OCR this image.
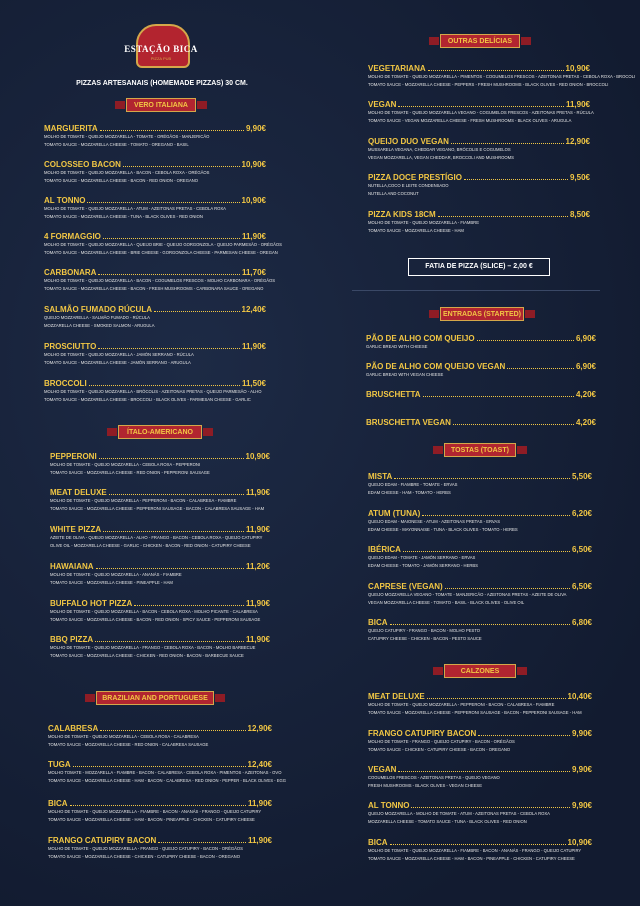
ESTAÇÃO BICA
PIZZA PUB
PIZZAS ARTESANAIS (HOMEMADE PIZZAS) 30 CM.
VERO ITALIANA
ÍTALO-AMERICANO
BRAZILIAN AND PORTUGUESE
OUTRAS DELÍCIAS
ENTRADAS (STARTED)
TOSTAS (TOAST)
CALZONES
FATIA DE PIZZA (SLICE) – 2,00 €
MARGUERITA	9,90€
MOLHO DE TOMATE - QUEIJO MOZZARELLA - TOMATE - ORÉGÃOS - MANJERICÃO
TOMATO SAUCE - MOZZARELLA CHEESE - TOMATO - OREGANO - BASIL
COLOSSEO BACON	10,90€
MOLHO DE TOMATE - QUEIJO MOZZARELLA - BACON - CEBOLA ROXA - ORÉGÃOS
TOMATO SAUCE - MOZZARELLA CHEESE - BACON - RED ONION - OREGANO
AL TONNO	10,90€
MOLHO DE TOMATE - QUEIJO MOZZARELLA - ATUM - AZEITONAS PRETAS - CEBOLA ROXA
TOMATO SAUCE - MOZZARELLA CHEESE - TUNA - BLACK OLIVES - RED ONION
4 FORMAGGIO	11,90€
MOLHO DE TOMATE - QUEIJO MOZZARELLA - QUEIJO BRIE - QUEIJO GORGONZOLA - QUEIJO PARMESÃO - ORÉGÃOS
TOMATO SAUCE - MOZZARELLA CHEESE - BRIE CHEESE - GORGONZOLA CHEESE - PARMESAN CHEESE - OREGAN
CARBONARA	11,70€
MOLHO DE TOMATE - QUEIJO MOZZARELLA - BACON - COGUMELOS FRESCOS - MOLHO CARBONARA - ORÉGÃOS
TOMATO SAUCE - MOZZARELLA CHEESE - BACON - FRESH MUSHROOMS - CARBONARA SAUCE - OREGANO
SALMÃO FUMADO RÚCULA	12,40€
QUEIJO MOZZARELLA - SALMÃO FUMADO - RÚCULA
MOZZARELLA CHEESE - SMOKED SALMON - ARUGULA
PROSCIUTTO	11,90€
MOLHO DE TOMATE - QUEIJO MOZZARELLA - JAMÓN SERRANO - RÚCULA
TOMATO SAUCE - MOZZARELLA CHEESE - JAMÓN SERRANO - ARUGULA
BROCCOLI	11,50€
MOLHO DE TOMATE - QUEIJO MOZZARELLA - BRÓCOLIS - AZEITONAS PRETAS - QUEIJO PARMESÃO - ALHO
TOMATO SAUCE - MOZZARELLA CHEESE - BROCCOLI - BLACK OLIVES - PARMESAN CHEESE - GARLIC
PEPPERONI	10,90€
MOLHO DE TOMATE - QUEIJO MOZZARELLA - CEBOLA ROXA - PEPPERONI
TOMATO SAUCE - MOZZARELLA CHEESE - RED ONION - PEPPERONI SAUSAGE
MEAT DELUXE	11,90€
MOLHO DE TOMATE - QUEIJO MOZZARELLA - PEPPERONI - BACON - CALABRESA - FIAMBRE
TOMATO SAUCE - MOZZARELLA CHEESE - PEPPERONI SAUSAGE - BACON - CALABRESA SAUSAGE - HAM
WHITE PIZZA	11,90€
AZEITE DE OLIVA - QUEIJO MOZZARELLA - ALHO - FRANGO - BACON - CEBOLA ROXA - QUEIJO CATUPIRY
OLIVE OIL - MOZZARELLA CHEESE - GARLIC - CHICKEN - BACON - RED ONION - CATUPIRY CHEESE
HAWAIANA	11,20€
MOLHO DE TOMATE - QUEIJO MOZZARELLA - ANANÁS - FIAMBRE
TOMATO SAUCE - MOZZARELLA CHEESE - PINEAPPLE - HAM
BUFFALO HOT PIZZA	11,90€
MOLHO DE TOMATE - QUEIJO MOZZARELLA - BACON - CEBOLA ROXA - MOLHO PICANTE - CALABRESA
TOMATO SAUCE - MOZZARELLA CHEESE - BACON - RED ONION - SPICY SAUCE - PEPPERONI SAUSAGE
BBQ PIZZA	11,90€
MOLHO DE TOMATE - QUEIJO MOZZARELLA - FRANGO - CEBOLA ROXA - BACON - MOLHO BARBECUE
TOMATO SAUCE - MOZZARELLA CHEESE - CHICKEN - RED ONION - BACON - BARBECUE SAUCE
CALABRESA	12,90€
MOLHO DE TOMATE - QUEIJO MOZZARELLA - CEBOLA ROXA - CALABRESA
TOMATO SAUCE - MOZZARELLA CHEESE - RED ONION - CALABRESA SAUSAGE
TUGA	12,40€
MOLHO TOMATE - MOZZARELLA - FIAMBRE - BACON - CALABRESA - CEBOLA ROXA - PIMENTOS - AZEITONAS - OVO
TOMATO SAUCE - MOZZARELLA CHEESE - HAM - BACON - CALABRESA - RED ONION - PEPPER - BLACK OLIVES - EGG
BICA	11,90€
MOLHO DE TOMATE - QUEIJO MOZZARELLA - FIAMBRE - BACON - ANANÁS - FRANGO - QUEIJO CATUPIRY
TOMATO SAUCE - MOZZARELLA CHEESE - HAM - BACON - PINEAPPLE - CHICKEN - CATUPIRY CHEESE
FRANGO CATUPIRY BACON	11,90€
MOLHO DE TOMATE - QUEIJO MOZZARELLA - FRANGO - QUEIJO CATUPIRY - BACON - ORÉGÃOS
TOMATO SAUCE - MOZZARELLA CHEESE - CHICKEN - CATUPIRY CHEESE - BACON - OREGANO
VEGETARIANA	10,90€
MOLHO DE TOMATE - QUEIJO MOZZARELLA - PIMENTOS - COGUMELOS FRESCOS - AZEITONAS PRETAS - CEBOLA ROXA - BROCOLI
TOMATO SAUCE - MOZZARELLA CHEESE - PEPPERS - FRESH MUSHROOMS - BLACK OLIVES - RED ONION - BROCCOLI
VEGAN	11,90€
MOLHO DE TOMATE - QUEIJO MOZZARELLA VEGANO - COGUMELOS FRESCOS - AZEITONAS PRETAS - RÚCULA
TOMATO SAUCE - VEGAN MOZZARELLA CHEESE - FRESH MUSHROOMS - BLACK OLIVES - ARUGULA
QUEIJO DUO VEGAN	12,90€
MUSSARELA VEGANA, CHEDDAR VEGANO, BRÓCOLIS E COGUMELOS
VEGAN MOZZARELLA, VEGAN CHEDDAR, BROCCOLI AND MUSHROOMS
PIZZA DOCE PRESTÍGIO	9,50€
NUTELLA,COCO E LEITE CONDENSADO
NUTELLA AND COCONUT
PIZZA KIDS 18CM	8,50€
MOLHO DE TOMATE - QUEIJO MOZZARELLA - FIAMBRE
TOMATO SAUCE - MOZZARELLA CHEESE - HAM
PÃO DE ALHO COM QUEIJO	6,90€
GARLIC BREAD WITH CHEESE
PÃO DE ALHO COM QUEIJO VEGAN	6,90€
GARLIC BREAD WITH VEGAN CHEESE
BRUSCHETTA	4,20€
BRUSCHETTA VEGAN	4,20€
MISTA	5,50€
QUEIJO EDAM - FIAMBRE - TOMATE - ERVAS
EDAM CHEESE - HAM - TOMATO - HERBS
ATUM (TUNA)	6,20€
QUEIJO EDAM - MAIONESE - ATUM - AZEITONAS PRETAS - ERVAS
EDAM CHEESE - MAYONNAISE - TUNA - BLACK OLIVES - TOMATO - HERBS
IBÉRICA	6,50€
QUEIJO EDAM - TOMATE - JAMÓN SERRANO - ERVAS
EDAM CHEESE - TOMATO - JAMÓN SERRANO - HERBS
CAPRESE (VEGAN)	6,50€
QUEIJO MOZZARELLA VEGANO - TOMATE - MANJERICÃO - AZEITONAS PRETAS - AZEITE DE OLIVA
VEGAN MOZZARELLA CHEESE - TOMATO - BASIL - BLACK OLIVES - OLIVE OIL
BICA	6,80€
QUEIJO CATUPIRY - FRANGO - BACON - MOLHO PESTO
CATUPIRY CHEESE - CHICKEN - BACON - PESTO SAUCE
MEAT DELUXE	10,40€
MOLHO DE TOMATE - QUEIJO MOZZARELLA - PEPPERONI - BACON - CALABRESA - FIAMBRE
TOMATO SAUCE - MOZZARELLA CHEESE - PEPPERONI SAUSAGE - BACON - PEPPERONI SAUSAGE - HAM
FRANGO CATUPIRY BACON	9,90€
MOLHO DE TOMATE - FRANGO - QUEIJO CATUPIRY - BACON - ORÉGÃOS
TOMATO SAUCE - CHICKEN - CATUPIRY CHEESE - BACON - OREGANO
VEGAN	9,90€
COGUMELOS FRESCOS - AZEITONAS PRETAS - QUEIJO VEGANO
FRESH MUSHROOMS - BLACK OLIVES - VEGAN CHEESE
AL TONNO	9,90€
QUEIJO MOZZARELLA - MOLHO DE TOMATE - ATUM - AZEITONAS PRETAS - CEBOLA ROXA
MOZZARELLA CHEESE - TOMATO SAUCE - TUNA - BLACK OLIVES - RED ONION
BICA	10,90€
MOLHO DE TOMATE - QUEIJO MOZZARELLA - FIAMBRE - BACON - ANANÁS - FRANGO - QUEIJO CATUPIRY
TOMATO SAUCE - MOZZARELLA CHEESE - HAM - BACON - PINEAPPLE - CHICKEN - CATUPIRY CHEESE
